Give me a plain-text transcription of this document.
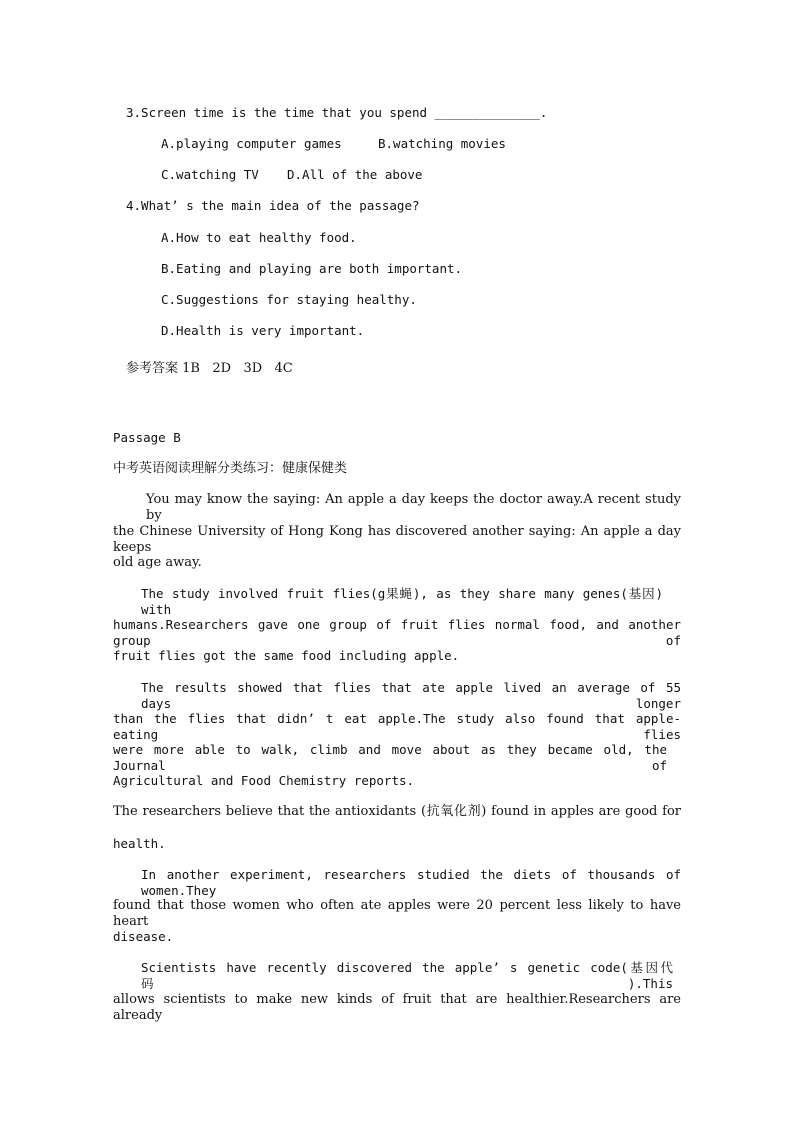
3.Screen time is the time that you spend ______________.
A.playing computer games	B.watching movies
C.watching TV D.All of the above
4.What’ s the main idea of the passage?
A.How to eat healthy food.
B.Eating and playing are both important.
C.Suggestions for staying healthy.
D.Health is very important.
参考答案 1B   2D   3D   4C
Passage B
中考英语阅读理解分类练习：健康保健类
You may know the saying: An apple a day keeps the doctor away.A recent study by
the Chinese University of Hong Kong has discovered another saying: An apple a day keeps
old age away.
The study involved fruit flies(g果蝇), as they share many genes(基因) with
humans.Researchers gave one group of fruit flies normal food, and another group of
fruit flies got the same food including apple.
The results showed that flies that ate apple lived an average of 55 days longer
than the flies that didn’ t eat apple.The study also found that apple-eating flies
were more able to walk, climb and move about as they became old, the Journal of
Agricultural and Food Chemistry reports.
The researchers believe that the antioxidants (抗氧化剂) found in apples are good for
health.
In another experiment, researchers studied the diets of thousands of women.They
found that those women who often ate apples were 20 percent less likely to have heart
disease.
Scientists have recently discovered the apple’ s genetic code(基因代码).This
allows scientists to make new kinds of fruit that are healthier.Researchers are already
